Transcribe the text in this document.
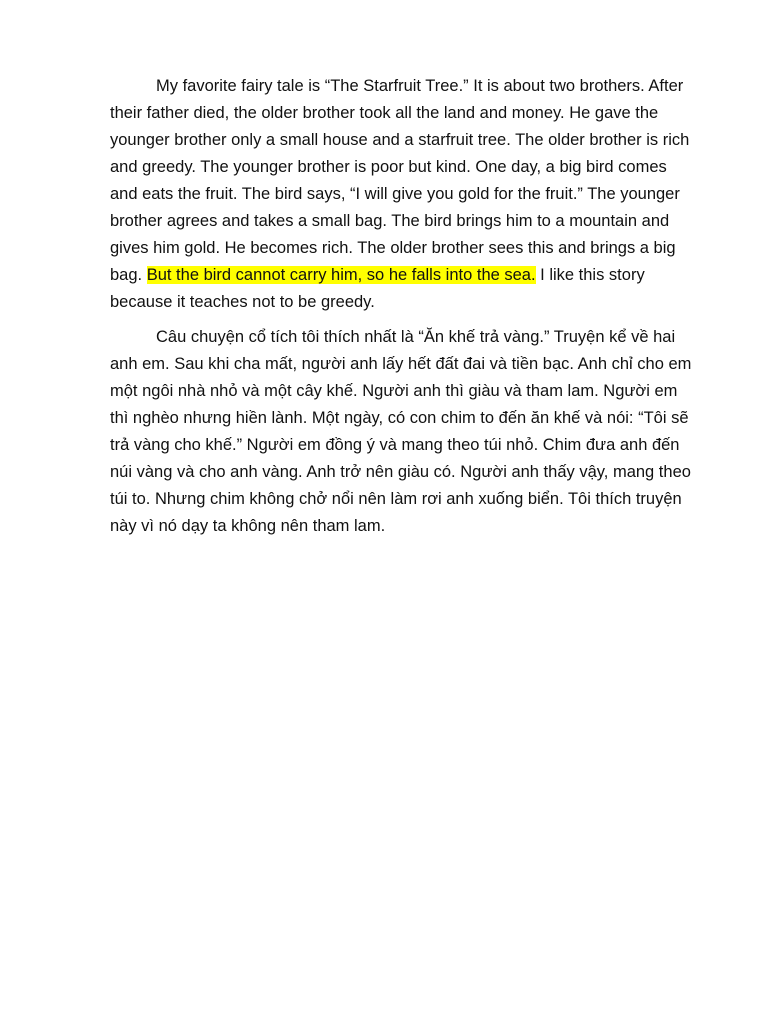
My favorite fairy tale is “The Starfruit Tree.” It is about two brothers. After their father died, the older brother took all the land and money. He gave the younger brother only a small house and a starfruit tree. The older brother is rich and greedy. The younger brother is poor but kind. One day, a big bird comes and eats the fruit. The bird says, “I will give you gold for the fruit.” The younger brother agrees and takes a small bag. The bird brings him to a mountain and gives him gold. He becomes rich. The older brother sees this and brings a big bag. But the bird cannot carry him, so he falls into the sea. I like this story because it teaches not to be greedy.

Câu chuyện cổ tích tôi thích nhất là “Ăn khế trả vàng.” Truyện kể về hai anh em. Sau khi cha mất, người anh lấy hết đất đai và tiền bạc. Anh chỉ cho em một ngôi nhà nhỏ và một cây khế. Người anh thì giàu và tham lam. Người em thì nghèo nhưng hiền lành. Một ngày, có con chim to đến ăn khế và nói: “Tôi sẽ trả vàng cho khế.” Người em đồng ý và mang theo túi nhỏ. Chim đưa anh đến núi vàng và cho anh vàng. Anh trở nên giàu có. Người anh thấy vậy, mang theo túi to. Nhưng chim không chở nổi nên làm rơi anh xuống biển. Tôi thích truyện này vì nó dạy ta không nên tham lam.
